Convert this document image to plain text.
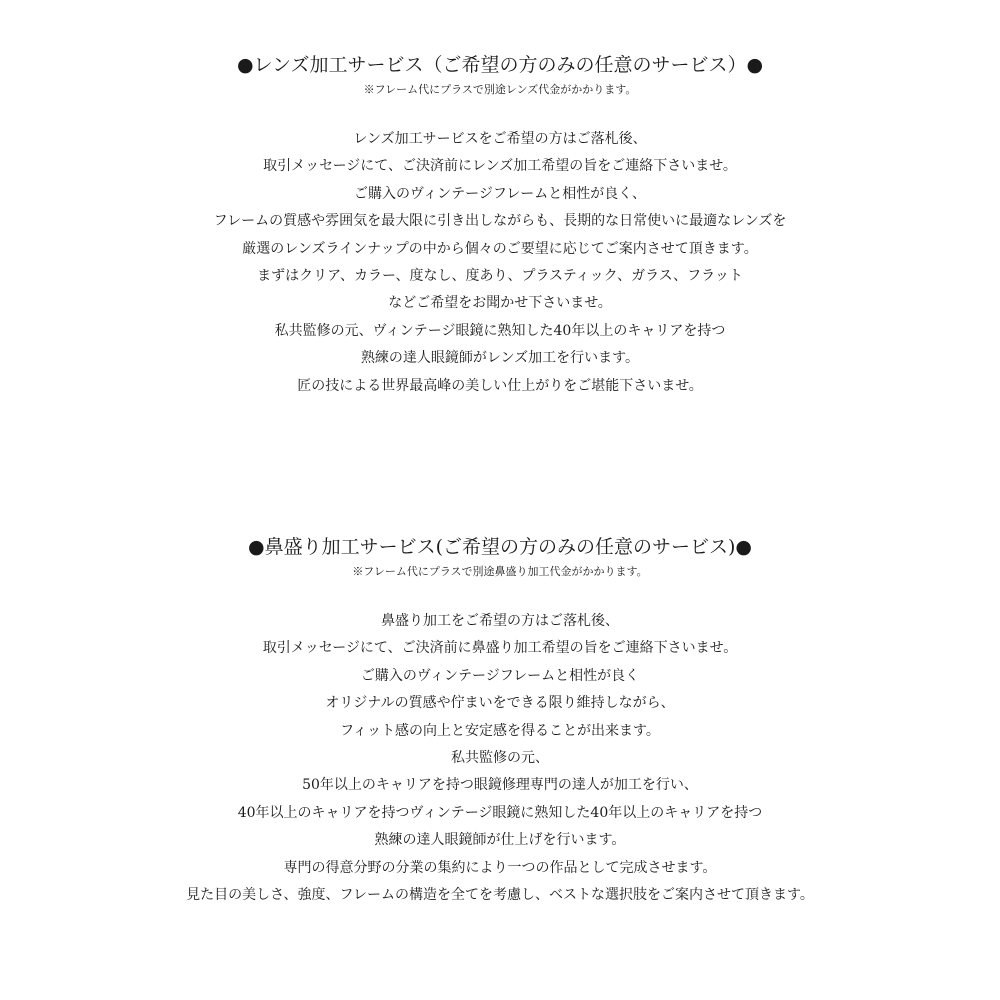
●レンズ加工サービス（ご希望の方のみの任意のサービス）●
※フレーム代にプラスで別途レンズ代金がかかります。
レンズ加工サービスをご希望の方はご落札後、
取引メッセージにて、ご決済前にレンズ加工希望の旨をご連絡下さいませ。
ご購入のヴィンテージフレームと相性が良く、
フレームの質感や雰囲気を最大限に引き出しながらも、長期的な日常使いに最適なレンズを
厳選のレンズラインナップの中から個々のご要望に応じてご案内させて頂きます。
まずはクリア、カラー、度なし、度あり、プラスティック、ガラス、フラット
などご希望をお聞かせ下さいませ。
私共監修の元、ヴィンテージ眼鏡に熟知した40年以上のキャリアを持つ
熟練の達人眼鏡師がレンズ加工を行います。
匠の技による世界最高峰の美しい仕上がりをご堪能下さいませ。
●鼻盛り加工サービス(ご希望の方のみの任意のサービス)●
※フレーム代にプラスで別途鼻盛り加工代金がかかります。
鼻盛り加工をご希望の方はご落札後、
取引メッセージにて、ご決済前に鼻盛り加工希望の旨をご連絡下さいませ。
ご購入のヴィンテージフレームと相性が良く
オリジナルの質感や佇まいをできる限り維持しながら、
フィット感の向上と安定感を得ることが出来ます。
私共監修の元、
50年以上のキャリアを持つ眼鏡修理専門の達人が加工を行い、
40年以上のキャリアを持つヴィンテージ眼鏡に熟知した40年以上のキャリアを持つ
熟練の達人眼鏡師が仕上げを行います。
専門の得意分野の分業の集約により一つの作品として完成させます。
見た目の美しさ、強度、フレームの構造を全てを考慮し、ベストな選択肢をご案内させて頂きます。
